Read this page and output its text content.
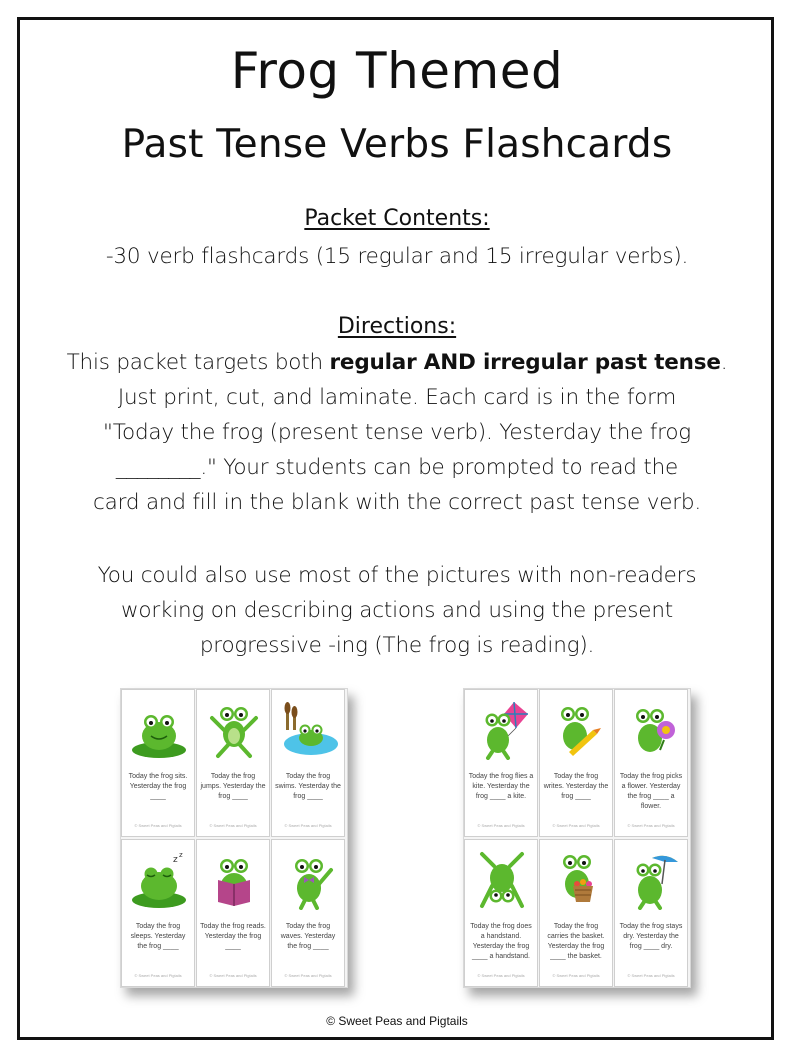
Frog Themed
Past Tense Verbs Flashcards
Packet Contents:
-30 verb flashcards (15 regular and 15 irregular verbs).
Directions:
This packet targets both regular AND irregular past tense.
Just print, cut, and laminate. Each card is in the form
"Today the frog (present tense verb). Yesterday the frog
________." Your students can be prompted to read the
card and fill in the blank with the correct past tense verb.
You could also use most of the pictures with non-readers
working on describing actions and using the present
progressive -ing (The frog is reading).
Today the frog sits. Yesterday the frog ____
© Sweet Peas and Pigtails
Today the frog jumps. Yesterday the frog ____
© Sweet Peas and Pigtails
Today the frog swims. Yesterday the frog ____
© Sweet Peas and Pigtails
z z
Today the frog sleeps. Yesterday the frog ____
© Sweet Peas and Pigtails
Today the frog reads. Yesterday the frog ____
© Sweet Peas and Pigtails
Today the frog waves. Yesterday the frog ____
© Sweet Peas and Pigtails
Today the frog flies a kite. Yesterday the frog ____ a kite.
© Sweet Peas and Pigtails
Today the frog writes. Yesterday the frog ____
© Sweet Peas and Pigtails
Today the frog picks a flower. Yesterday the frog ____ a flower.
© Sweet Peas and Pigtails
Today the frog does a handstand. Yesterday the frog ____ a handstand.
© Sweet Peas and Pigtails
Today the frog carries the basket. Yesterday the frog ____ the basket.
© Sweet Peas and Pigtails
Today the frog stays dry. Yesterday the frog ____ dry.
© Sweet Peas and Pigtails
© Sweet Peas and Pigtails
